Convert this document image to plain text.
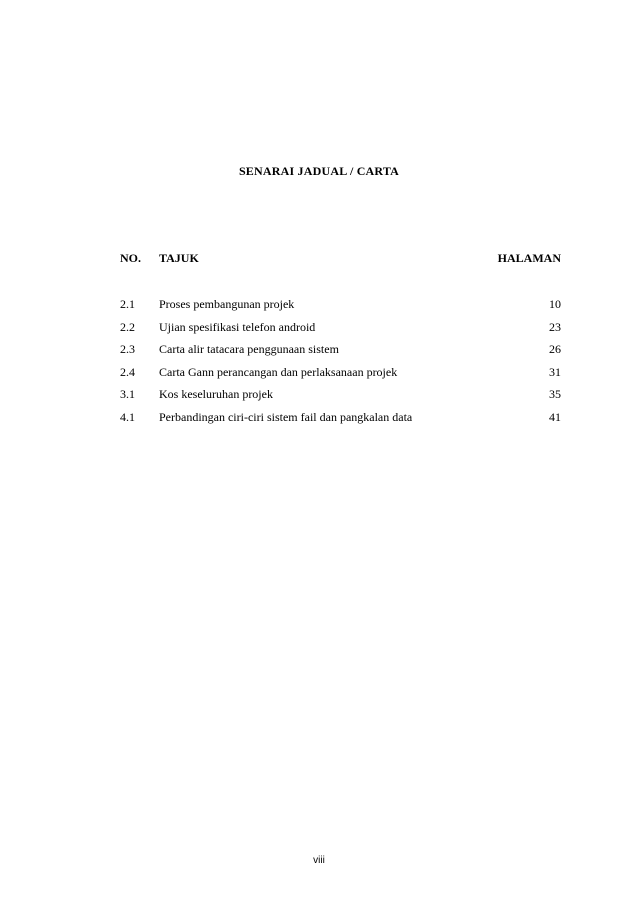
SENARAI JADUAL / CARTA
NO. TAJUK	HALAMAN
2.1 Proses pembangunan projek	10
2.2 Ujian spesifikasi telefon android	23
2.3 Carta alir tatacara penggunaan sistem	26
2.4 Carta Gann perancangan dan perlaksanaan projek	31
3.1 Kos keseluruhan projek	35
4.1 Perbandingan ciri-ciri sistem fail dan pangkalan data	41
viii
